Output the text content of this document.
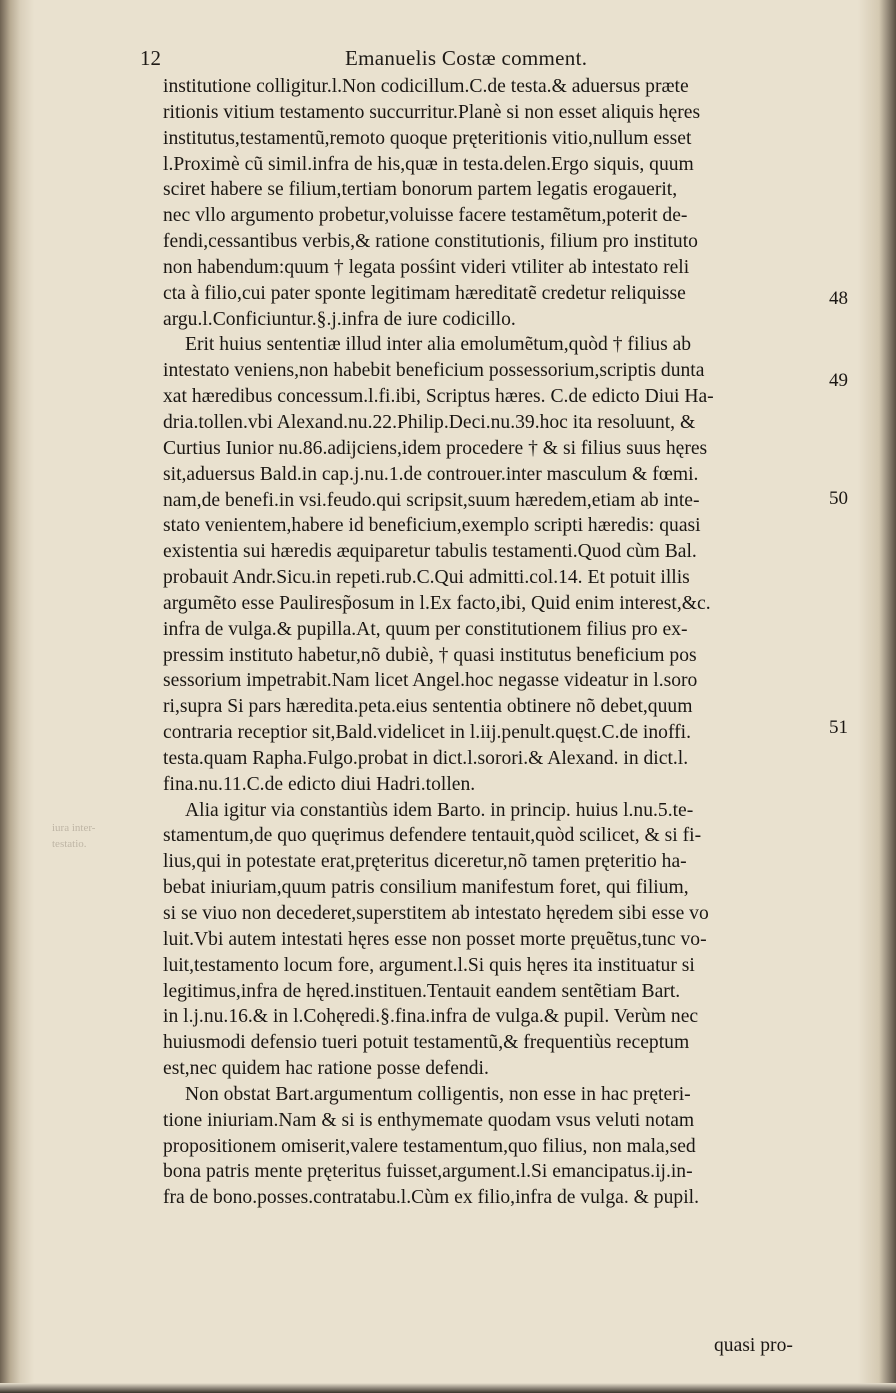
12	Emanuelis Costæ comment.
iura inter-
testatio.
institutione colligitur.l.Non codicillum.C.de testa.& aduersus præte
ritionis vitium testamento succurritur.Planè si non esset aliquis hęres
institutus,testamentũ,remoto quoque pręteritionis vitio,nullum esset
l.Proximè cũ simil.infra de his,quæ in testa.delen.Ergo siquis, quum
sciret habere se filium,tertiam bonorum partem legatis erogauerit,
nec vllo argumento probetur,voluisse facere testamẽtum,poterit de-
fendi,cessantibus verbis,& ratione constitutionis, filium pro instituto
non habendum:quum † legata posśint videri vtiliter ab intestato reli
cta à filio,cui pater sponte legitimam hæreditatẽ credetur reliquisse
argu.l.Conficiuntur.§.j.infra de iure codicillo.
Erit huius sententiæ illud inter alia emolumẽtum,quòd † filius ab
intestato veniens,non habebit beneficium possessorium,scriptis dunta
xat hæredibus concessum.l.fi.ibi, Scriptus hæres. C.de edicto Diui Ha-
dria.tollen.vbi Alexand.nu.22.Philip.Deci.nu.39.hoc ita resoluunt, &
Curtius Iunior nu.86.adijciens,idem procedere † & si filius suus hęres
sit,aduersus Bald.in cap.j.nu.1.de controuer.inter masculum & fœmi.
nam,de benefi.in vsi.feudo.qui scripsit,suum hæredem,etiam ab inte-
stato venientem,habere id beneficium,exemplo scripti hæredis: quasi
existentia sui hæredis æquiparetur tabulis testamenti.Quod cùm Bal.
probauit Andr.Sicu.in repeti.rub.C.Qui admitti.col.14. Et potuit illis
argumẽto esse Pauliresp̃osum in l.Ex facto,ibi, Quid enim interest,&c.
infra de vulga.& pupilla.At, quum per constitutionem filius pro ex-
pressim instituto habetur,nõ dubiè, † quasi institutus beneficium pos
sessorium impetrabit.Nam licet Angel.hoc negasse videatur in l.soro
ri,supra Si pars hæredita.peta.eius sententia obtinere nõ debet,quum
contraria receptior sit,Bald.videlicet in l.iij.penult.quęst.C.de inoffi.
testa.quam Rapha.Fulgo.probat in dict.l.sorori.& Alexand. in dict.l.
fina.nu.11.C.de edicto diui Hadri.tollen.
Alia igitur via constantiùs idem Barto. in princip. huius l.nu.5.te-
stamentum,de quo quęrimus defendere tentauit,quòd scilicet, & si fi-
lius,qui in potestate erat,pręteritus diceretur,nõ tamen pręteritio ha-
bebat iniuriam,quum patris consilium manifestum foret, qui filium,
si se viuo non decederet,superstitem ab intestato hęredem sibi esse vo
luit.Vbi autem intestati hęres esse non posset morte pręuẽtus,tunc vo-
luit,testamento locum fore, argument.l.Si quis hęres ita instituatur si
legitimus,infra de hęred.instituen.Tentauit eandem sentẽtiam Bart.
in l.j.nu.16.& in l.Cohęredi.§.fina.infra de vulga.& pupil. Verùm nec
huiusmodi defensio tueri potuit testamentũ,& frequentiùs receptum
est,nec quidem hac ratione posse defendi.
Non obstat Bart.argumentum colligentis, non esse in hac pręteri-
tione iniuriam.Nam & si is enthymemate quodam vsus veluti notam
propositionem omiserit,valere testamentum,quo filius, non mala,sed
bona patris mente pręteritus fuisset,argument.l.Si emancipatus.ij.in-
fra de bono.posses.contratabu.l.Cùm ex filio,infra de vulga. & pupil.
quasi pro-
48
49
50
51
